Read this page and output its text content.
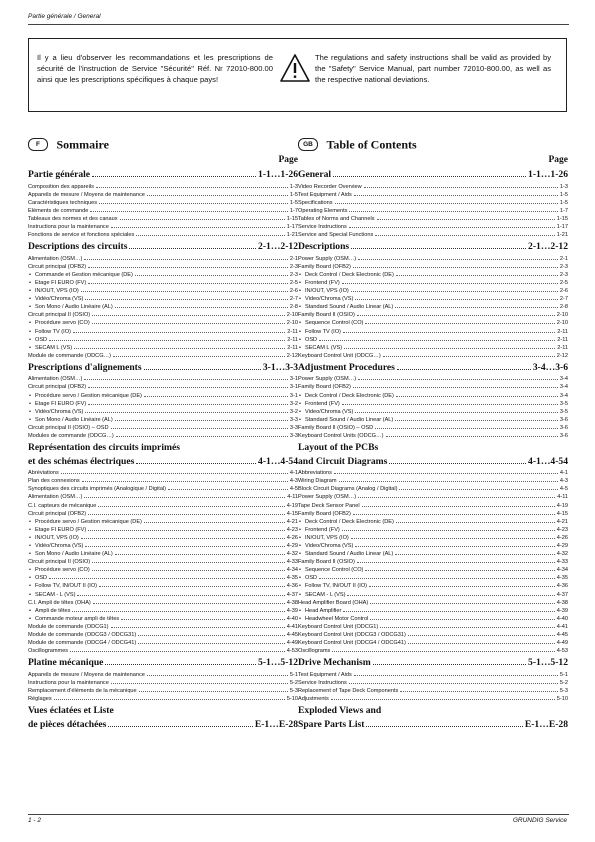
Partie générale / General
Il y a lieu d'observer les recommandations et les prescriptions de sécurité de l'instruction de Service "Sécurité" Réf. Nr 72010-800.00 ainsi que les prescriptions spécifiques à chaque pays!
The regulations and safety instructions shall be valid as provided by the "Safety" Service Manual, part number 72010-800.00, as well as the respective national deviations.
F Sommaire
Page
Partie générale	1-1…1-26
Composition des appareils	1-3
Appareils de mesure / Moyens de maintenance	1-5
Caractéristiques techniques	1-5
Eléments de commande	1-7
Tableaux des normes et des canaux	1-15
Instructions pour la maintenance	1-17
Fonctions de service et fonctions spéciales	1-21
Descriptions des circuits	2-1…2-12
Alimentation (OSM…)	2-1
Circuit principal (OFB2)	2-3
• Commande et Gestion mécanique (DE)	2-3
• Etage FI EURO (FV)	2-5
• IN/OUT, VPS (IO)	2-6
• Vidéo/Chroma (VS)	2-7
• Son Mono / Audio Linéaire (AL)	2-8
Circuit principal II (OSIO)	2-10
• Procédure servo (CO)	2-10
• Follow TV (IO)	2-11
• OSD	2-11
• SECAM L (VS)	2-11
Module de commande (ODCG…)	2-12
Prescriptions d'alignements	3-1…3-3
Alimentation (OSM…)	3-1
Circuit principal (OFB2)	3-1
• Procédure servo / Gestion mécanique (DE)	3-1
• Etage FI EURO (FV)	3-2
• Vidéo/Chroma (VS)	3-2
• Son Mono / Audio Linéaire (AL)	3-3
Circuit principal II (OSIO) – OSD	3-3
Modules de commande (ODCG…)	3-3
Représentation des circuits imprimés
et des schémas électriques	4-1…4-54
Abréviations	4-1
Plan des connexions	4-3
Synoptiques des circuits imprimés (Analogique / Digital)	4-5
Alimentation (OSM…)	4-11
C.I. capteurs de mécanique	4-19
Circuit principal (OFB2)	4-15
• Procédure servo / Gestion mécanique (DE)	4-21
• Etage FI EURO (FV)	4-23
• IN/OUT, VPS (IO)	4-26
• Vidéo/Chroma (VS)	4-29
• Son Mono / Audio Linéaire (AL)	4-32
Circuit principal II (OSIO)	4-33
• Procédure servo (CO)	4-34
• OSD	4-35
• Follow TV, IN/OUT II (IO)	4-36
• SECAM - L (VS)	4-37
C.I. Ampli de têtes (OHA)	4-38
• Ampli de têtes	4-39
• Commande moteur ampli de têtes	4-40
Module de commande (ODCG1)	4-41
Module de commande (ODCG3 / ODCG31)	4-45
Module de commande (ODCG4 / ODCG41)	4-49
Oscillogrammes	4-53
Platine mécanique	5-1…5-12
Appareils de mesure / Moyens de maintenance	5-1
Instructions pour la maintenance	5-2
Remplacement d'éléments de la mécanique	5-3
Réglages	5-10
Vues éclatées et Liste
de pièces détachées	E-1…E-28
GB Table of Contents
Page
General	1-1…1-26
Video Recorder Overview	1-3
Test Equipment / Aids	1-5
Specifications	1-5
Operating Elements	1-7
Tables of Norms and Channels	1-15
Service Instructions	1-17
Service and Special Functions	1-21
Descriptions	2-1…2-12
Power Supply (OSM…)	2-1
Family Board (OFB2)	2-3
• Deck Control / Deck Electronic (DE)	2-3
• Frontend (FV)	2-5
• IN/OUT, VPS (IO)	2-6
• Video/Chroma (VS)	2-7
• Standard Sound / Audio Linear (AL)	2-8
Family Board II (OSIO)	2-10
• Sequence Control (CO)	2-10
• Follow TV (IO)	2-11
• OSD	2-11
• SECAM L (VS)	2-11
Keyboard Control Unit (ODCG…)	2-12
Adjustment Procedures	3-4…3-6
Power Supply (OSM…)	3-4
Family Board (OFB2)	3-4
• Deck Control / Deck Electronic (DE)	3-4
• Frontend (FV)	3-5
• Video/Chroma (VS)	3-5
• Standard Sound / Audio Linear (AL)	3-6
Family Board II (OSIO) – OSD	3-6
Keyboard Control Units (ODCG…)	3-6
Layout of the PCBs
and Circuit Diagrams	4-1…4-54
Abbreviations	4-1
Wiring Diagram	4-3
Block Circuit Diagrams (Analog / Digital)	4-5
Power Supply (OSM…)	4-11
Tape Deck Sensor Panel	4-19
Family Board (OFB2)	4-15
• Deck Control / Deck Electronic (DE)	4-21
• Frontend (FV)	4-23
• IN/OUT, VPS (IO)	4-26
• Video/Chroma (VS)	4-29
• Standard Sound / Audio Linear (AL)	4-32
Family Board II (OSIO)	4-33
• Sequence Control (CO)	4-34
• OSD	4-35
• Follow TV, IN/OUT II (IO)	4-36
• SECAM - L (VS)	4-37
Head Amplifier Board (OHA)	4-38
• Head Amplifier	4-39
• Headwheel Motor Control	4-40
Keyboard Control Unit (ODCG1)	4-41
Keyboard Control Unit (ODCG3 / ODCG31)	4-45
Keyboard Control Unit (ODCG4 / ODCG41)	4-49
Oscillograms	4-53
Drive Mechanism	5-1…5-12
Test Equipment / Aids	5-1
Service Instructions	5-2
Replacement of Tape Deck Components	5-3
Adjustments	5-10
Exploded Views and
Spare Parts List	E-1…E-28
1 - 2	GRUNDIG Service
